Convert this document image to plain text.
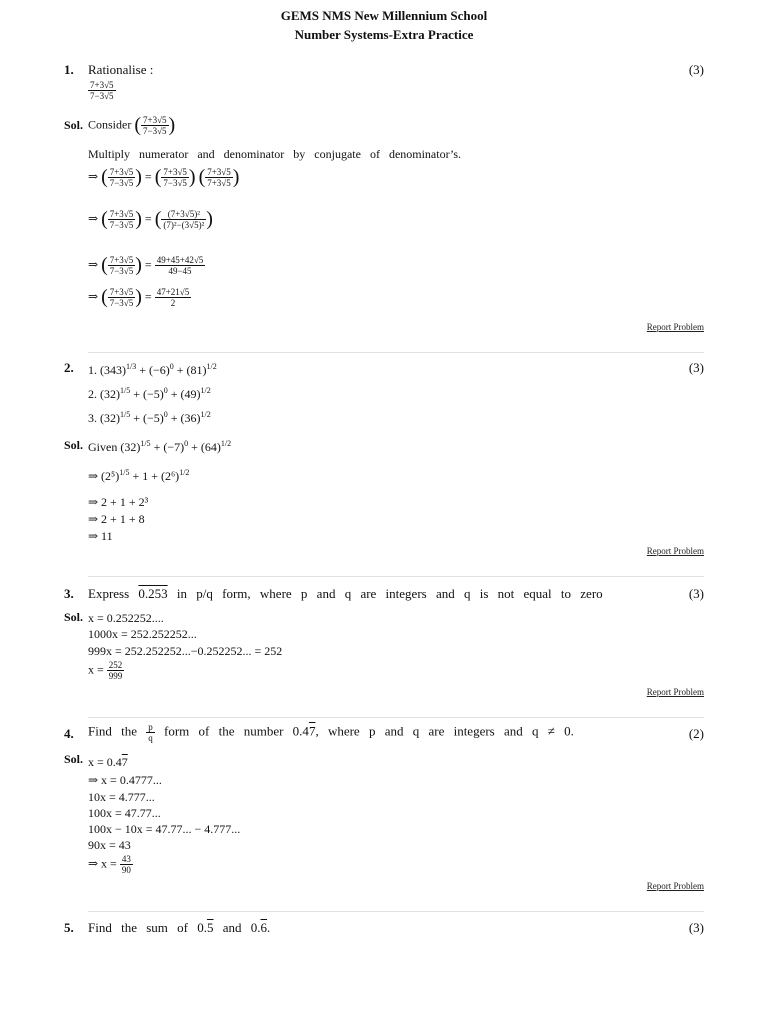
GEMS NMS New Millennium School
Number Systems-Extra Practice
1. Rationalise :	(3)
$\frac{7+3√5}{7-3√5}$
Sol. Consider ( $\frac{7+3√5}{7-3√5}$ )
Multiply numerator and denominator by conjugate of denominator’s.
⇒ ( $\frac{7+3√5}{7-3√5}$ ) = ( $\frac{7+3√5}{7-3√5}$ ) ( $\frac{7+3√5}{7+3√5}$ )
⇒ ( $\frac{7+3√5}{7-3√5}$ ) = ( $\frac{\text{(7+3√5)²}}{\text{(7)²−(3√5)²}}$ )
⇒ ( $\frac{7+3√5}{7-3√5}$ ) = $\frac{49+45+42√5}{49-45}$
⇒ ( $\frac{7+3√5}{7-3√5}$ ) = $\frac{47+21√5}{2}$
Report Problem
2.	(3)
1. $(343)^{1/3} + (-6)^0 + (81)^{1/2}$
2. $(32)^{1/5} + (-5)^0 + (49)^{1/2}$
3. $(32)^{1/5} + (-5)^0 + (36)^{1/2}$
Sol. Given $(32)^{1/5} + (-7)^0 + (64)^{1/2}$
⇒ $(2^5)^{1/5} + 1 + (2^6)^{1/2}$
⇒ 2 + 1 + 2³
⇒ 2 + 1 + 8
⇒ 11
Report Problem
3. Express 0.253 in p/q form, where p and q are integers and q is not equal to zero	(3)
Sol. x = 0.252252....
1000x = 252.252252...
999x = 252.252252...−0.252252... = 252
$x = \frac{252}{999}$
Report Problem
4. Find the $\frac{p}{q}$ form of the number 0.47, where p and q are integers and q ≠ 0.	(2)
Sol. x = 0.47
⇒ x = 0.4777...
10x = 4.777...
100x = 47.77...
100x − 10x = 47.77... − 4.777...
90x = 43
⇒ $x = \frac{43}{90}$
Report Problem
5. Find the sum of 0.5 and 0.6.	(3)
